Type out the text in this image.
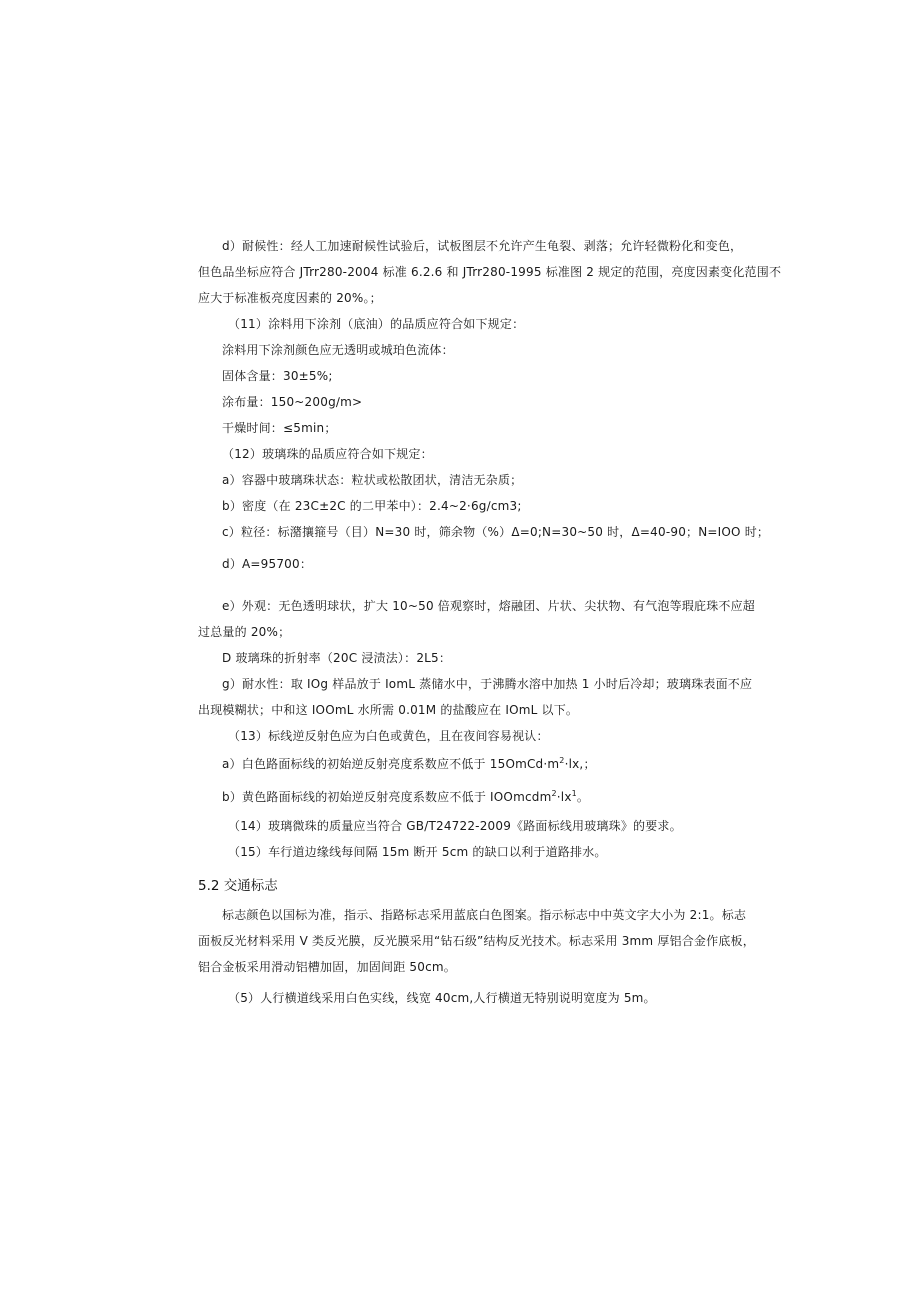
d）耐候性：经人工加速耐候性试验后，试板图层不允许产生龟裂、剥落；允许轻微粉化和变色，
但色品坐标应符合 JTrr280-2004 标准 6.2.6 和 JTrr280-1995 标准图 2 规定的范围，亮度因素变化范围不
应大于标准板亮度因素的 20%。；
（11）涂料用下涂剂（底油）的品质应符合如下规定：
涂料用下涂剂颜色应无透明或城珀色流体：
固体含量：30±5%;
涂布量：150~200g∕m>
干燥时间：≤5min；
（12）玻璃珠的品质应符合如下规定：
a）容器中玻璃珠状态：粒状或松散团状，清洁无杂质；
b）密度（在 23C±2C 的二甲苯中）：2.4~2·6g∕cm3;
c）粒径：标潴攘箍号（目）N=30 时，筛余物（%）Δ=0;N=30~50 时，Δ=40-90；N=IOO 时；
d）A=95700：
e）外观：无色透明球状，扩大 10~50 倍观察时，熔融团、片状、尖状物、有气泡等瑕庇珠不应超
过总量的 20%；
D 玻璃珠的折射率（20C 浸渍法）：2L5：
g）耐水性：取 IOg 样品放于 IomL 蒸储水中，于沸腾水溶中加热 1 小时后冷却；玻璃珠表面不应
出现模糊状；中和这 IOOmL 水所需 0.01M 的盐酸应在 IOmL 以下。
（13）标线逆反射色应为白色或黄色，且在夜间容易视认：
a）白色路面标线的初始逆反射亮度系数应不低于 $15OmCd\cdot m^2\cdot lx$,；
b）黄色路面标线的初始逆反射亮度系数应不低于 $IOOmcdm^2\cdot lx^1$。
（14）玻璃微珠的质量应当符合 GB/T24722-2009《路面标线用玻璃珠》的要求。
（15）车行道边缘线每间隔 15m 断开 5cm 的缺口以利于道路排水。
5.2 交通标志
标志颜色以国标为准，指示、指路标志采用蓝底白色图案。指示标志中中英文字大小为 2:1。标志
面板反光材料采用 V 类反光膜，反光膜采用“钻石级”结构反光技术。标志采用 3mm 厚铝合金作底板，
铝合金板采用滑动铝槽加固，加固间距 50cm。
（5）人行横道线采用白色实线，线宽 40cm,人行横道无特别说明宽度为 5m。
